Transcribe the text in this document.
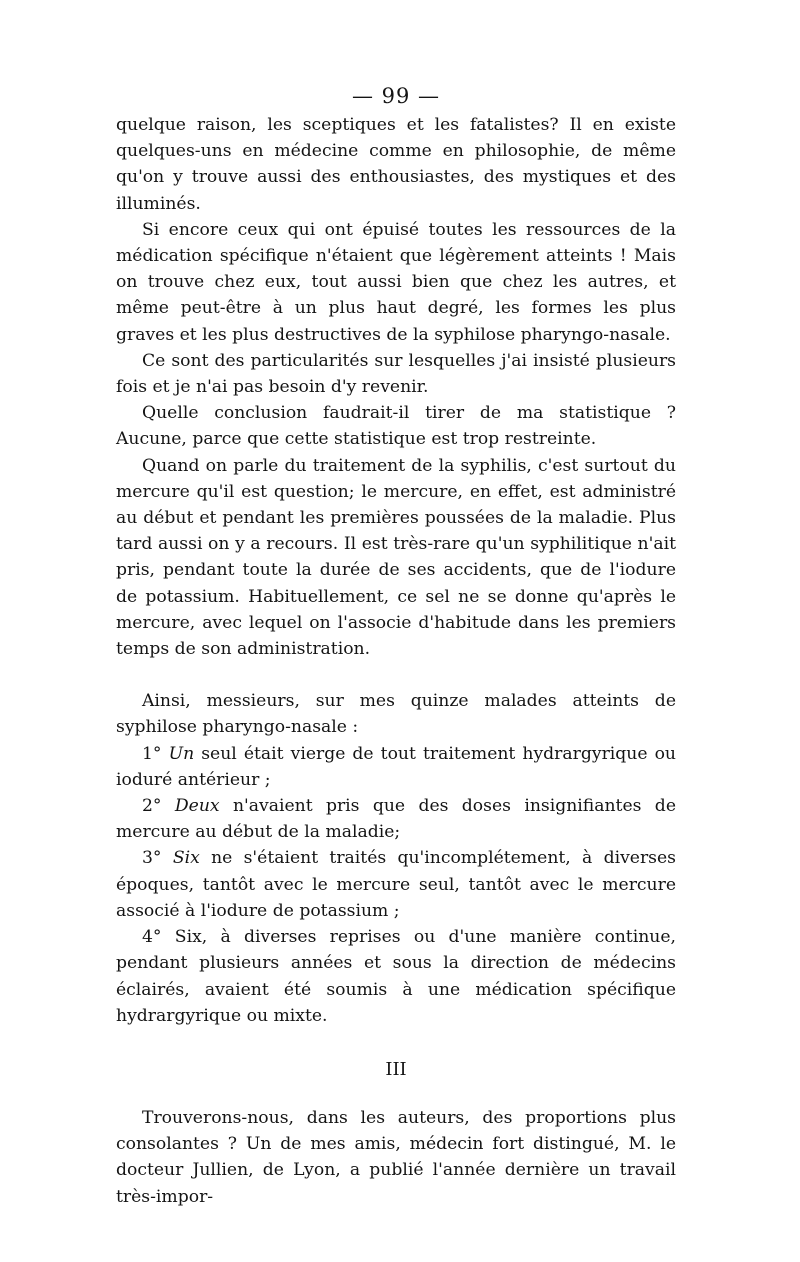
— 99 —

quelque raison, les sceptiques et les fatalistes? Il en existe quelques-uns en médecine comme en philosophie, de même qu'on y trouve aussi des enthousiastes, des mystiques et des illuminés.

Si encore ceux qui ont épuisé toutes les ressources de la médication spécifique n'étaient que légèrement atteints ! Mais on trouve chez eux, tout aussi bien que chez les autres, et même peut-être à un plus haut degré, les formes les plus graves et les plus destructives de la syphilose pharyngo-nasale.

Ce sont des particularités sur lesquelles j'ai insisté plusieurs fois et je n'ai pas besoin d'y revenir.

Quelle conclusion faudrait-il tirer de ma statistique ? Aucune, parce que cette statistique est trop restreinte.

Quand on parle du traitement de la syphilis, c'est surtout du mercure qu'il est question; le mercure, en effet, est administré au début et pendant les premières poussées de la maladie. Plus tard aussi on y a recours. Il est très-rare qu'un syphilitique n'ait pris, pendant toute la durée de ses accidents, que de l'iodure de potassium. Habituellement, ce sel ne se donne qu'après le mercure, avec lequel on l'associe d'habitude dans les premiers temps de son administration.

Ainsi, messieurs, sur mes quinze malades atteints de syphilose pharyngo-nasale :

1° Un seul était vierge de tout traitement hydrargyrique ou ioduré antérieur ;

2° Deux n'avaient pris que des doses insignifiantes de mercure au début de la maladie;

3° Six ne s'étaient traités qu'incomplétement, à diverses époques, tantôt avec le mercure seul, tantôt avec le mercure associé à l'iodure de potassium ;

4° Six, à diverses reprises ou d'une manière continue, pendant plusieurs années et sous la direction de médecins éclairés, avaient été soumis à une médication spécifique hydrargyrique ou mixte.

III

Trouverons-nous, dans les auteurs, des proportions plus consolantes ? Un de mes amis, médecin fort distingué, M. le docteur Jullien, de Lyon, a publié l'année dernière un travail très-impor-
